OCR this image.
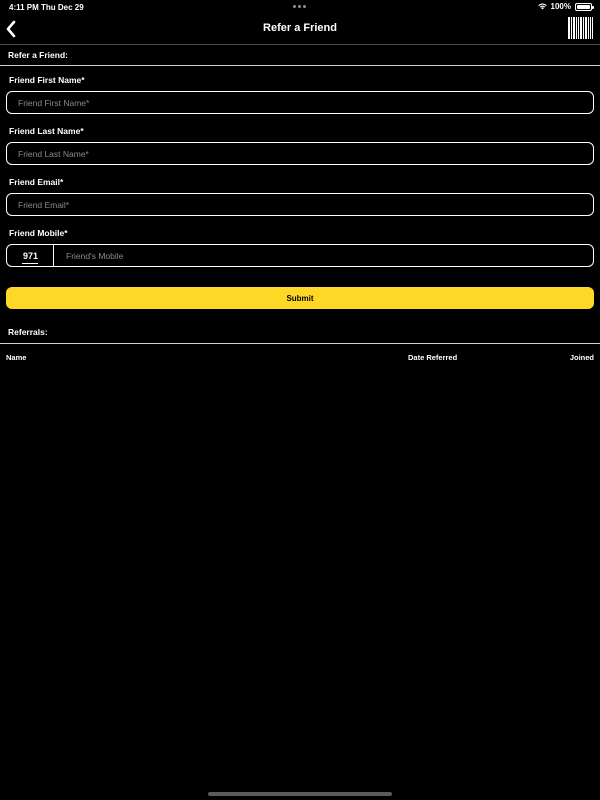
4:11 PM Thu Dec 29	100%
Refer a Friend
Refer a Friend:
Friend First Name*
Friend First Name*
Friend Last Name*
Friend Last Name*
Friend Email*
Friend Email*
Friend Mobile*
971
Friend's Mobile
Submit
Referrals:
Name	Date Referred	Joined
